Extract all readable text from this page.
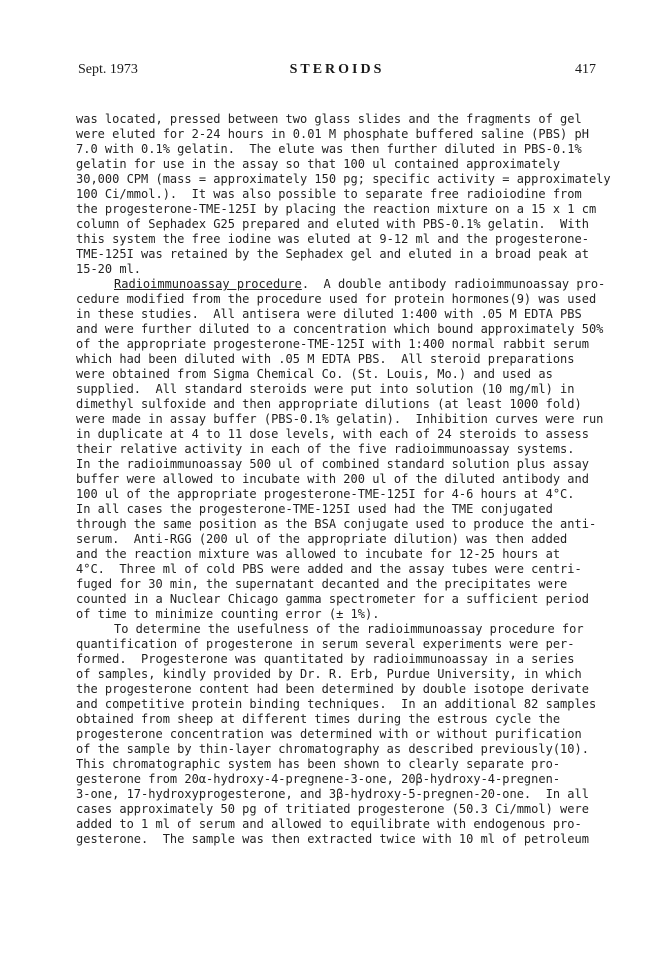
Sept. 1973	STEROIDS	417
was located, pressed between two glass slides and the fragments of gel
were eluted for 2-24 hours in 0.01 M phosphate buffered saline (PBS) pH
7.0 with 0.1% gelatin.  The elute was then further diluted in PBS-0.1%
gelatin for use in the assay so that 100 ul contained approximately
30,000 CPM (mass = approximately 150 pg; specific activity = approximately
100 Ci/mmol.).  It was also possible to separate free radioiodine from
the progesterone-TME-125I by placing the reaction mixture on a 15 x 1 cm
column of Sephadex G25 prepared and eluted with PBS-0.1% gelatin.  With
this system the free iodine was eluted at 9-12 ml and the progesterone-
TME-125I was retained by the Sephadex gel and eluted in a broad peak at
15-20 ml.
Radioimmunoassay procedure.  A double antibody radioimmunoassay pro-
cedure modified from the procedure used for protein hormones(9) was used
in these studies.  All antisera were diluted 1:400 with .05 M EDTA PBS
and were further diluted to a concentration which bound approximately 50%
of the appropriate progesterone-TME-125I with 1:400 normal rabbit serum
which had been diluted with .05 M EDTA PBS.  All steroid preparations
were obtained from Sigma Chemical Co. (St. Louis, Mo.) and used as
supplied.  All standard steroids were put into solution (10 mg/ml) in
dimethyl sulfoxide and then appropriate dilutions (at least 1000 fold)
were made in assay buffer (PBS-0.1% gelatin).  Inhibition curves were run
in duplicate at 4 to 11 dose levels, with each of 24 steroids to assess
their relative activity in each of the five radioimmunoassay systems.
In the radioimmunoassay 500 ul of combined standard solution plus assay
buffer were allowed to incubate with 200 ul of the diluted antibody and
100 ul of the appropriate progesterone-TME-125I for 4-6 hours at 4°C.
In all cases the progesterone-TME-125I used had the TME conjugated
through the same position as the BSA conjugate used to produce the anti-
serum.  Anti-RGG (200 ul of the appropriate dilution) was then added
and the reaction mixture was allowed to incubate for 12-25 hours at
4°C.  Three ml of cold PBS were added and the assay tubes were centri-
fuged for 30 min, the supernatant decanted and the precipitates were
counted in a Nuclear Chicago gamma spectrometer for a sufficient period
of time to minimize counting error (± 1%).
To determine the usefulness of the radioimmunoassay procedure for
quantification of progesterone in serum several experiments were per-
formed.  Progesterone was quantitated by radioimmunoassay in a series
of samples, kindly provided by Dr. R. Erb, Purdue University, in which
the progesterone content had been determined by double isotope derivate
and competitive protein binding techniques.  In an additional 82 samples
obtained from sheep at different times during the estrous cycle the
progesterone concentration was determined with or without purification
of the sample by thin-layer chromatography as described previously(10).
This chromatographic system has been shown to clearly separate pro-
gesterone from 20α-hydroxy-4-pregnene-3-one, 20β-hydroxy-4-pregnen-
3-one, 17-hydroxyprogesterone, and 3β-hydroxy-5-pregnen-20-one.  In all
cases approximately 50 pg of tritiated progesterone (50.3 Ci/mmol) were
added to 1 ml of serum and allowed to equilibrate with endogenous pro-
gesterone.  The sample was then extracted twice with 10 ml of petroleum
